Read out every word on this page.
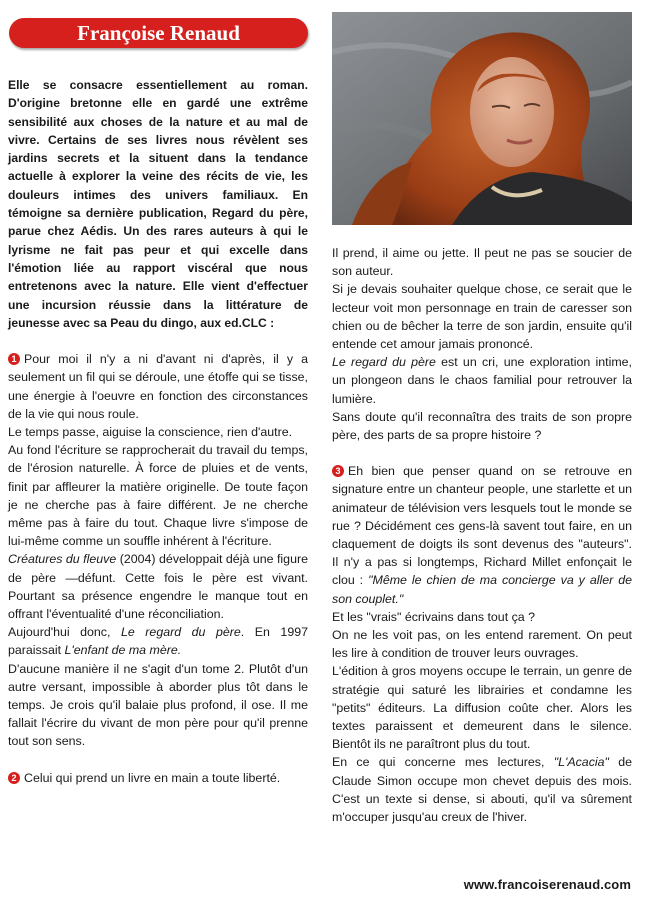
Françoise Renaud

Elle se consacre essentiellement au roman. D'origine bretonne elle en gardé une extrême sensibilité aux choses de la nature et au mal de vivre. Certains de ses livres nous révèlent ses jardins secrets et la situent dans la tendance actuelle à explorer la veine des récits de vie, les douleurs intimes des univers familiaux. En témoigne sa dernière publication, Regard du père, parue chez Aédis. Un des rares auteurs à qui le lyrisme ne fait pas peur et qui excelle dans l'émotion liée au rapport viscéral que nous entretenons avec la nature. Elle vient d'effectuer une incursion réussie dans la littérature de jeunesse avec sa Peau du dingo, aux ed.CLC :

1 Pour moi il n'y a ni d'avant ni d'après, il y a seulement un fil qui se déroule, une étoffe qui se tisse, une énergie à l'oeuvre en fonction des circonstances de la vie qui nous roule.

Le temps passe, aiguise la conscience, rien d'autre.

Au fond l'écriture se rapprocherait du travail du temps, de l'érosion naturelle. À force de pluies et de vents, finit par affleurer la matière originelle. De toute façon je ne cherche pas à faire différent. Je ne cherche même pas à faire du tout. Chaque livre s'impose de lui-même comme un souffle inhérent à l'écriture.

Créatures du fleuve (2004) développait déjà une figure de père —défunt. Cette fois le père est vivant. Pourtant sa présence engendre le manque tout en offrant l'éventualité d'une réconciliation.

Aujourd'hui donc, Le regard du père. En 1997 paraissait L'enfant de ma mère.

D'aucune manière il ne s'agit d'un tome 2. Plutôt d'un autre versant, impossible à aborder plus tôt dans le temps. Je crois qu'il balaie plus profond, il ose. Il me fallait l'écrire du vivant de mon père pour qu'il prenne tout son sens.

2 Celui qui prend un livre en main a toute liberté.

Il prend, il aime ou jette. Il peut ne pas se soucier de son auteur.

Si je devais souhaiter quelque chose, ce serait que le lecteur voit mon personnage en train de caresser son chien ou de bêcher la terre de son jardin, ensuite qu'il entende cet amour jamais prononcé.

Le regard du père est un cri, une exploration intime, un plongeon dans le chaos familial pour retrouver la lumière.

Sans doute qu'il reconnaîtra des traits de son propre père, des parts de sa propre histoire ?

3 Eh bien que penser quand on se retrouve en signature entre un chanteur people, une starlette et un animateur de télévision vers lesquels tout le monde se rue ? Décidément ces gens-là savent tout faire, en un claquement de doigts ils sont devenus des "auteurs". Il n'y a pas si longtemps, Richard Millet enfonçait le clou : "Même le chien de ma concierge va y aller de son couplet."

Et les "vrais" écrivains dans tout ça ?

On ne les voit pas, on les entend rarement. On peut les lire à condition de trouver leurs ouvrages.

L'édition à gros moyens occupe le terrain, un genre de stratégie qui saturé les librairies et condamne les "petits" éditeurs. La diffusion coûte cher. Alors les textes paraissent et demeurent dans le silence. Bientôt ils ne paraîtront plus du tout.

En ce qui concerne mes lectures, "L'Acacia" de Claude Simon occupe mon chevet depuis des mois. C'est un texte si dense, si abouti, qu'il va sûrement m'occuper jusqu'au creux de l'hiver.

www.francoiserenaud.com
